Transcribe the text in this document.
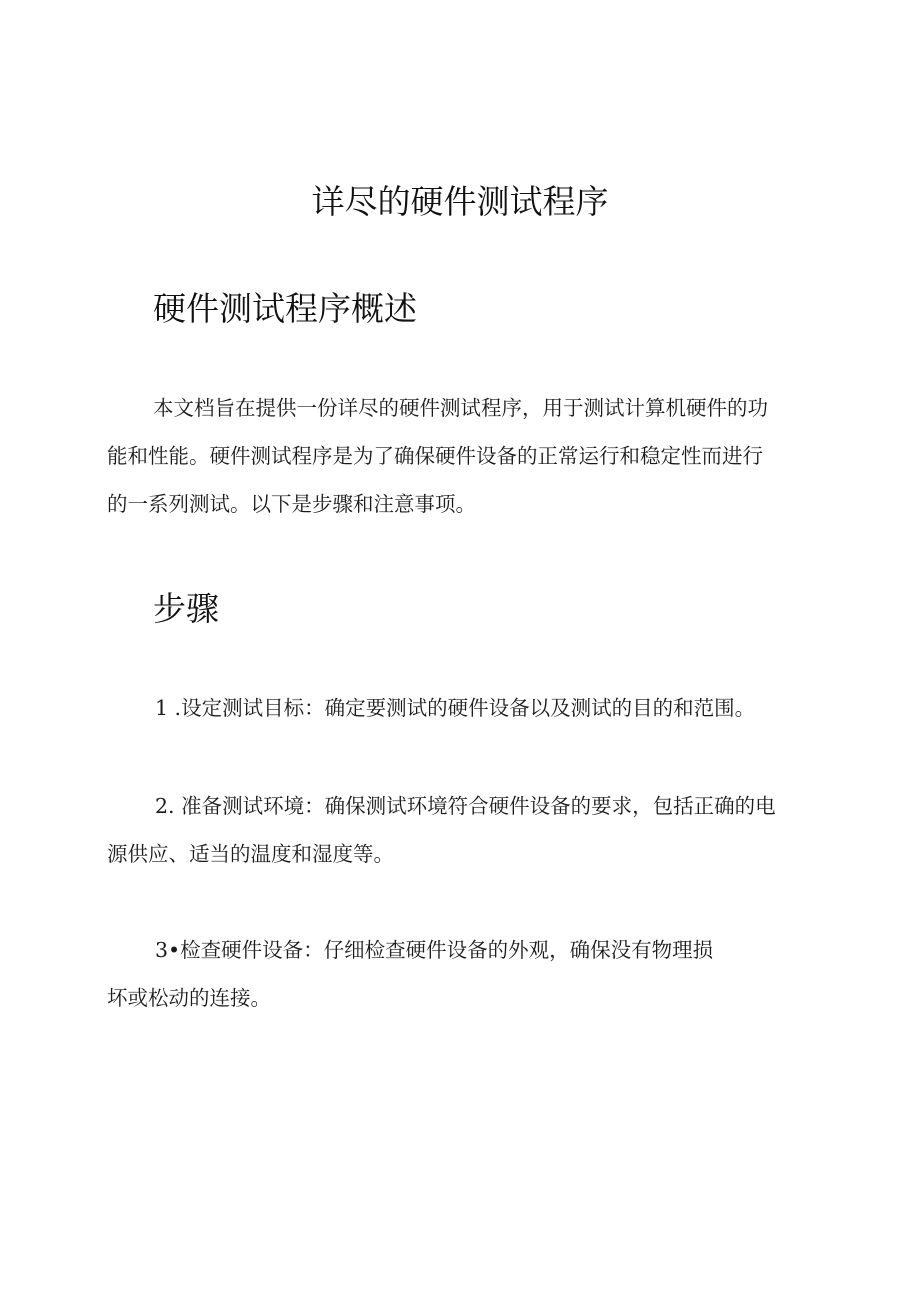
详尽的硬件测试程序
硬件测试程序概述
本文档旨在提供一份详尽的硬件测试程序，用于测试计算机硬件的功
能和性能。硬件测试程序是为了确保硬件设备的正常运行和稳定性而进行
的一系列测试。以下是步骤和注意事项。
步骤
1 .设定测试目标：确定要测试的硬件设备以及测试的目的和范围。
2. 准备测试环境：确保测试环境符合硬件设备的要求，包括正确的电
源供应、适当的温度和湿度等。
3•检查硬件设备：仔细检查硬件设备的外观，确保没有物理损
坏或松动的连接。
